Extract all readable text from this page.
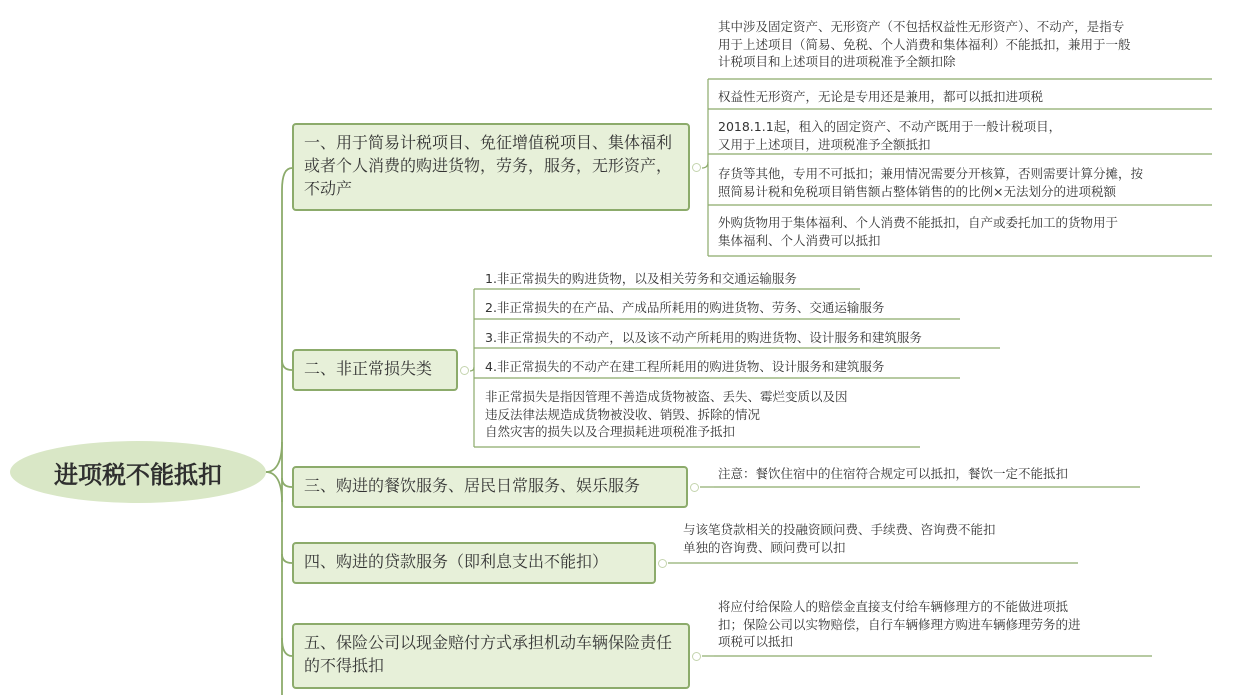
进项税不能抵扣
一、用于简易计税项目、免征增值税项目、集体福利或者个人消费的购进货物，劳务，服务，无形资产，不动产
其中涉及固定资产、无形资产（不包括权益性无形资产）、不动产，是指专
用于上述项目（简易、免税、个人消费和集体福利）不能抵扣，兼用于一般
计税项目和上述项目的进项税准予全额扣除
权益性无形资产，无论是专用还是兼用，都可以抵扣进项税
2018.1.1起，租入的固定资产、不动产既用于一般计税项目，
又用于上述项目，进项税准予全额抵扣
存货等其他，专用不可抵扣；兼用情况需要分开核算，否则需要计算分摊，按
照简易计税和免税项目销售额占整体销售的的比例×无法划分的进项税额
外购货物用于集体福利、个人消费不能抵扣，自产或委托加工的货物用于
集体福利、个人消费可以抵扣
二、非正常损失类
1.非正常损失的购进货物，以及相关劳务和交通运输服务
2.非正常损失的在产品、产成品所耗用的购进货物、劳务、交通运输服务
3.非正常损失的不动产，以及该不动产所耗用的购进货物、设计服务和建筑服务
4.非正常损失的不动产在建工程所耗用的购进货物、设计服务和建筑服务
非正常损失是指因管理不善造成货物被盗、丢失、霉烂变质以及因
违反法律法规造成货物被没收、销毁、拆除的情况
自然灾害的损失以及合理损耗进项税准予抵扣
三、购进的餐饮服务、居民日常服务、娱乐服务
注意：餐饮住宿中的住宿符合规定可以抵扣，餐饮一定不能抵扣
四、购进的贷款服务（即利息支出不能扣）
与该笔贷款相关的投融资顾问费、手续费、咨询费不能扣
单独的咨询费、顾问费可以扣
五、保险公司以现金赔付方式承担机动车辆保险责任的不得抵扣
将应付给保险人的赔偿金直接支付给车辆修理方的不能做进项抵
扣；保险公司以实物赔偿，自行车辆修理方购进车辆修理劳务的进
项税可以抵扣
